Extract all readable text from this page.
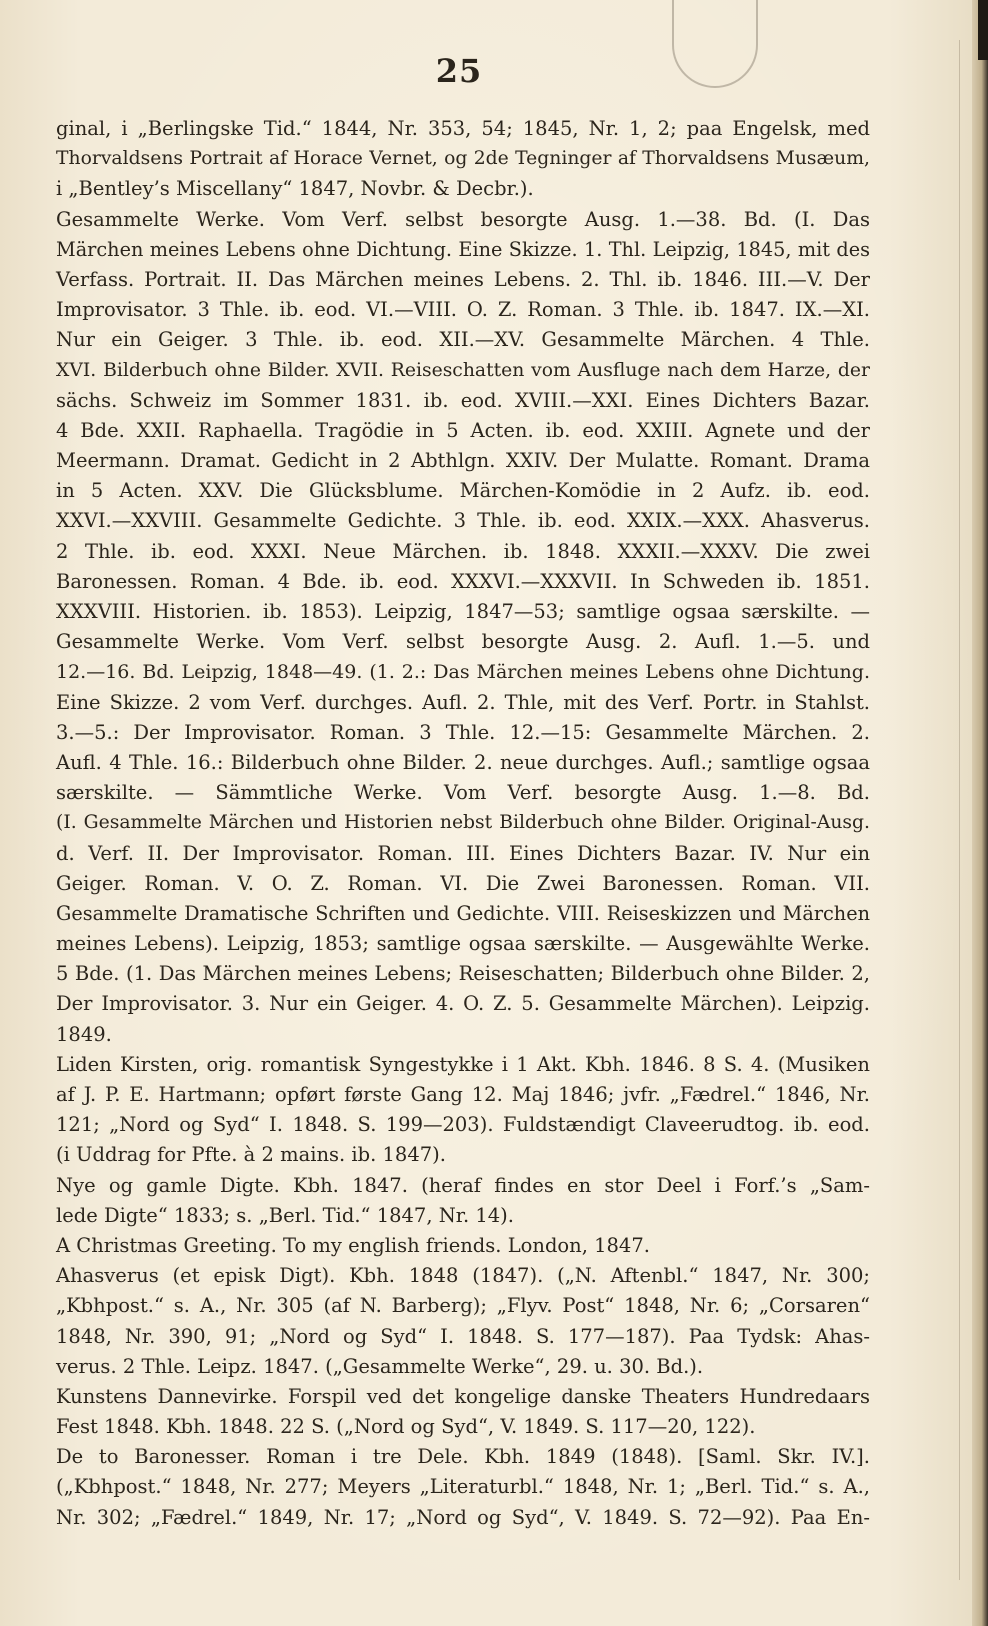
25
ginal, i „Berlingske Tid.“ 1844, Nr. 353, 54; 1845, Nr. 1, 2; paa Engelsk, med
Thorvaldsens Portrait af Horace Vernet, og 2de Tegninger af Thorvaldsens Musæum,
i „Bentley’s Miscellany“ 1847, Novbr. & Decbr.).
Gesammelte Werke. Vom Verf. selbst besorgte Ausg. 1.—38. Bd. (I. Das
Märchen meines Lebens ohne Dichtung. Eine Skizze. 1. Thl. Leipzig, 1845, mit des
Verfass. Portrait. II. Das Märchen meines Lebens. 2. Thl. ib. 1846. III.—V. Der
Improvisator. 3 Thle. ib. eod. VI.—VIII. O. Z. Roman. 3 Thle. ib. 1847. IX.—XI.
Nur ein Geiger. 3 Thle. ib. eod. XII.—XV. Gesammelte Märchen. 4 Thle.
XVI. Bilderbuch ohne Bilder. XVII. Reiseschatten vom Ausfluge nach dem Harze, der
sächs. Schweiz im Sommer 1831. ib. eod. XVIII.—XXI. Eines Dichters Bazar.
4 Bde. XXII. Raphaella. Tragödie in 5 Acten. ib. eod. XXIII. Agnete und der
Meermann. Dramat. Gedicht in 2 Abthlgn. XXIV. Der Mulatte. Romant. Drama
in 5 Acten. XXV. Die Glücksblume. Märchen-Komödie in 2 Aufz. ib. eod.
XXVI.—XXVIII. Gesammelte Gedichte. 3 Thle. ib. eod. XXIX.—XXX. Ahasverus.
2 Thle. ib. eod. XXXI. Neue Märchen. ib. 1848. XXXII.—XXXV. Die zwei
Baronessen. Roman. 4 Bde. ib. eod. XXXVI.—XXXVII. In Schweden ib. 1851.
XXXVIII. Historien. ib. 1853). Leipzig, 1847—53; samtlige ogsaa særskilte. —
Gesammelte Werke. Vom Verf. selbst besorgte Ausg. 2. Aufl. 1.—5. und
12.—16. Bd. Leipzig, 1848—49. (1. 2.: Das Märchen meines Lebens ohne Dichtung.
Eine Skizze. 2 vom Verf. durchges. Aufl. 2. Thle, mit des Verf. Portr. in Stahlst.
3.—5.: Der Improvisator. Roman. 3 Thle. 12.—15: Gesammelte Märchen. 2.
Aufl. 4 Thle. 16.: Bilderbuch ohne Bilder. 2. neue durchges. Aufl.; samtlige ogsaa
særskilte. — Sämmtliche Werke. Vom Verf. besorgte Ausg. 1.—8. Bd.
(I. Gesammelte Märchen und Historien nebst Bilderbuch ohne Bilder. Original-Ausg.
d. Verf. II. Der Improvisator. Roman. III. Eines Dichters Bazar. IV. Nur ein
Geiger. Roman. V. O. Z. Roman. VI. Die Zwei Baronessen. Roman. VII.
Gesammelte Dramatische Schriften und Gedichte. VIII. Reiseskizzen und Märchen
meines Lebens). Leipzig, 1853; samtlige ogsaa særskilte. — Ausgewählte Werke.
5 Bde. (1. Das Märchen meines Lebens; Reiseschatten; Bilderbuch ohne Bilder. 2,
Der Improvisator. 3. Nur ein Geiger. 4. O. Z. 5. Gesammelte Märchen). Leipzig.
1849.
Liden Kirsten, orig. romantisk Syngestykke i 1 Akt. Kbh. 1846. 8 S. 4. (Musiken
af J. P. E. Hartmann; opført første Gang 12. Maj 1846; jvfr. „Fædrel.“ 1846, Nr.
121; „Nord og Syd“ I. 1848. S. 199—203). Fuldstændigt Claveerudtog. ib. eod.
(i Uddrag for Pfte. à 2 mains. ib. 1847).
Nye og gamle Digte. Kbh. 1847. (heraf findes en stor Deel i Forf.’s „Sam-
lede Digte“ 1833; s. „Berl. Tid.“ 1847, Nr. 14).
A Christmas Greeting. To my english friends. London, 1847.
Ahasverus (et episk Digt). Kbh. 1848 (1847). („N. Aftenbl.“ 1847, Nr. 300;
„Kbhpost.“ s. A., Nr. 305 (af N. Barberg); „Flyv. Post“ 1848, Nr. 6; „Corsaren“
1848, Nr. 390, 91; „Nord og Syd“ I. 1848. S. 177—187). Paa Tydsk: Ahas-
verus. 2 Thle. Leipz. 1847. („Gesammelte Werke“, 29. u. 30. Bd.).
Kunstens Dannevirke. Forspil ved det kongelige danske Theaters Hundredaars
Fest 1848. Kbh. 1848. 22 S. („Nord og Syd“, V. 1849. S. 117—20, 122).
De to Baronesser. Roman i tre Dele. Kbh. 1849 (1848). [Saml. Skr. IV.].
(„Kbhpost.“ 1848, Nr. 277; Meyers „Literaturbl.“ 1848, Nr. 1; „Berl. Tid.“ s. A.,
Nr. 302; „Fædrel.“ 1849, Nr. 17; „Nord og Syd“, V. 1849. S. 72—92). Paa En-
